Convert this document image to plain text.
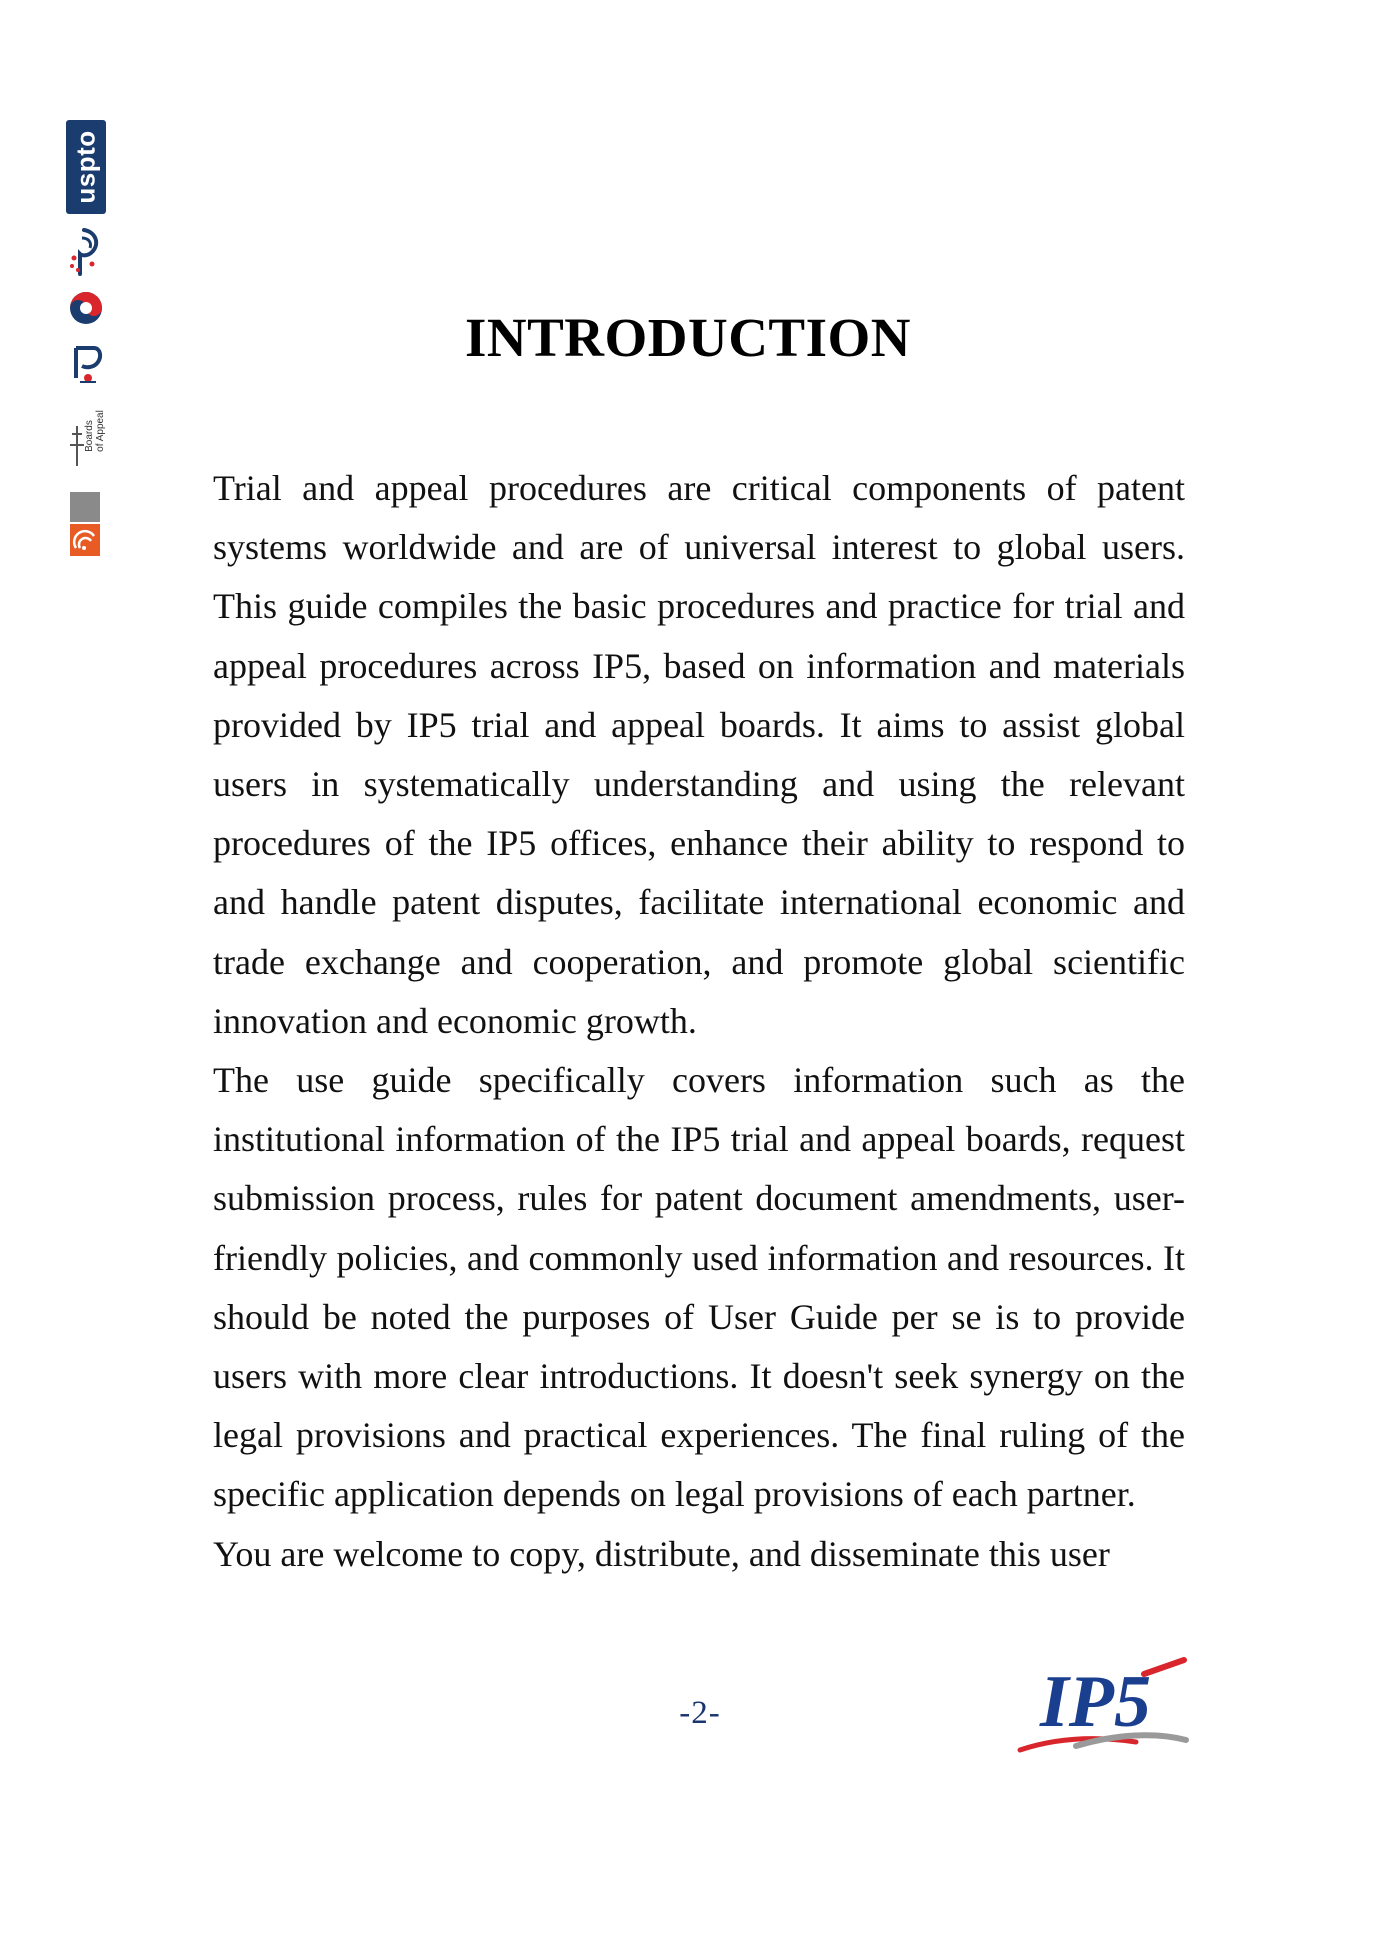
uspto
Boards of Appeal
INTRODUCTION

Trial and appeal procedures are critical components of patent systems worldwide and are of universal interest to global users. This guide compiles the basic procedures and practice for trial and appeal procedures across IP5, based on information and materials provided by IP5 trial and appeal boards. It aims to assist global users in systematically understanding and using the relevant procedures of the IP5 offices, enhance their ability to respond to and handle patent disputes, facilitate international economic and trade exchange and cooperation, and promote global scientific innovation and economic growth.

The use guide specifically covers information such as the institutional information of the IP5 trial and appeal boards, request submission process, rules for patent document amendments, user-friendly policies, and commonly used information and resources. It should be noted the purposes of User Guide per se is to provide users with more clear introductions. It doesn't seek synergy on the legal provisions and practical experiences. The final ruling of the specific application depends on legal provisions of each partner.

You are welcome to copy, distribute, and disseminate this user

-2-	IP5
